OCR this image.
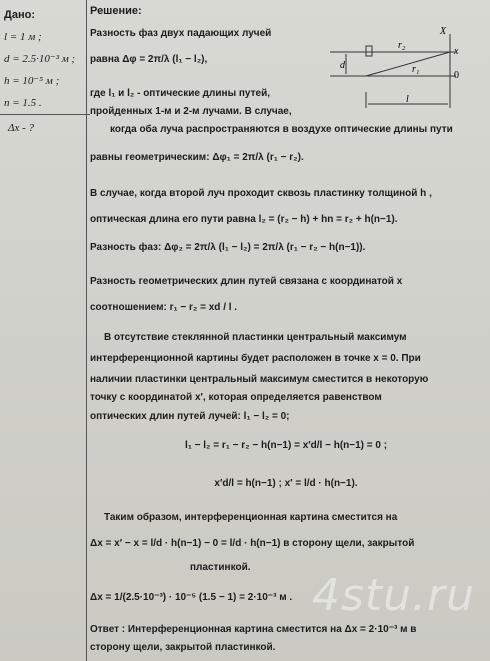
Дано:
l = 1 м ;
d = 2.5·10⁻³ м ;
h = 10⁻⁵ м ;
n = 1.5 .
Δx - ?
Решение:
Разность фаз двух падающих лучей
равна Δφ = 2π/λ (l₁ − l₂),
где l₁ и l₂ - оптические длины путей,
пройденных 1-м и 2-м лучами. В случае,
когда оба луча распространяются в воздухе оптические длины пути
равны геометрическим: Δφ₁ = 2π/λ (r₁ − r₂).
В случае, когда второй луч проходит сквозь пластинку толщиной h ,
оптическая длина его пути равна l₂ = (r₂ − h) + hn = r₂ + h(n−1).
Разность фаз: Δφ₂ = 2π/λ (l₁ − l₂) = 2π/λ (r₁ − r₂ − h(n−1)).
Разность геометрических длин путей связана с координатой x
соотношением: r₁ − r₂ = xd / l .
В отсутствие стеклянной пластинки центральный максимум
интерференционной картины будет расположен в точке x = 0. При
наличии пластинки центральный максимум сместится в некоторую
точку с координатой x′, которая определяется равенством
оптических длин путей лучей: l₁ − l₂ = 0;
l₁ − l₂ = r₁ − r₂ − h(n−1) = x′d/l − h(n−1) = 0 ;
x′d/l = h(n−1) ; x′ = l/d · h(n−1).
Таким образом, интерференционная картина сместится на
Δx = x′ − x = l/d · h(n−1) − 0 = l/d · h(n−1) в сторону щели, закрытой
пластинкой.
Δx = 1/(2.5·10⁻³) · 10⁻⁵ (1.5 − 1) = 2·10⁻³ м .
Ответ : Интерференционная картина сместится на Δx = 2·10⁻³ м в
сторону щели, закрытой пластинкой.
d
r₂
r₁
X
x
0
l
4stu.ru
